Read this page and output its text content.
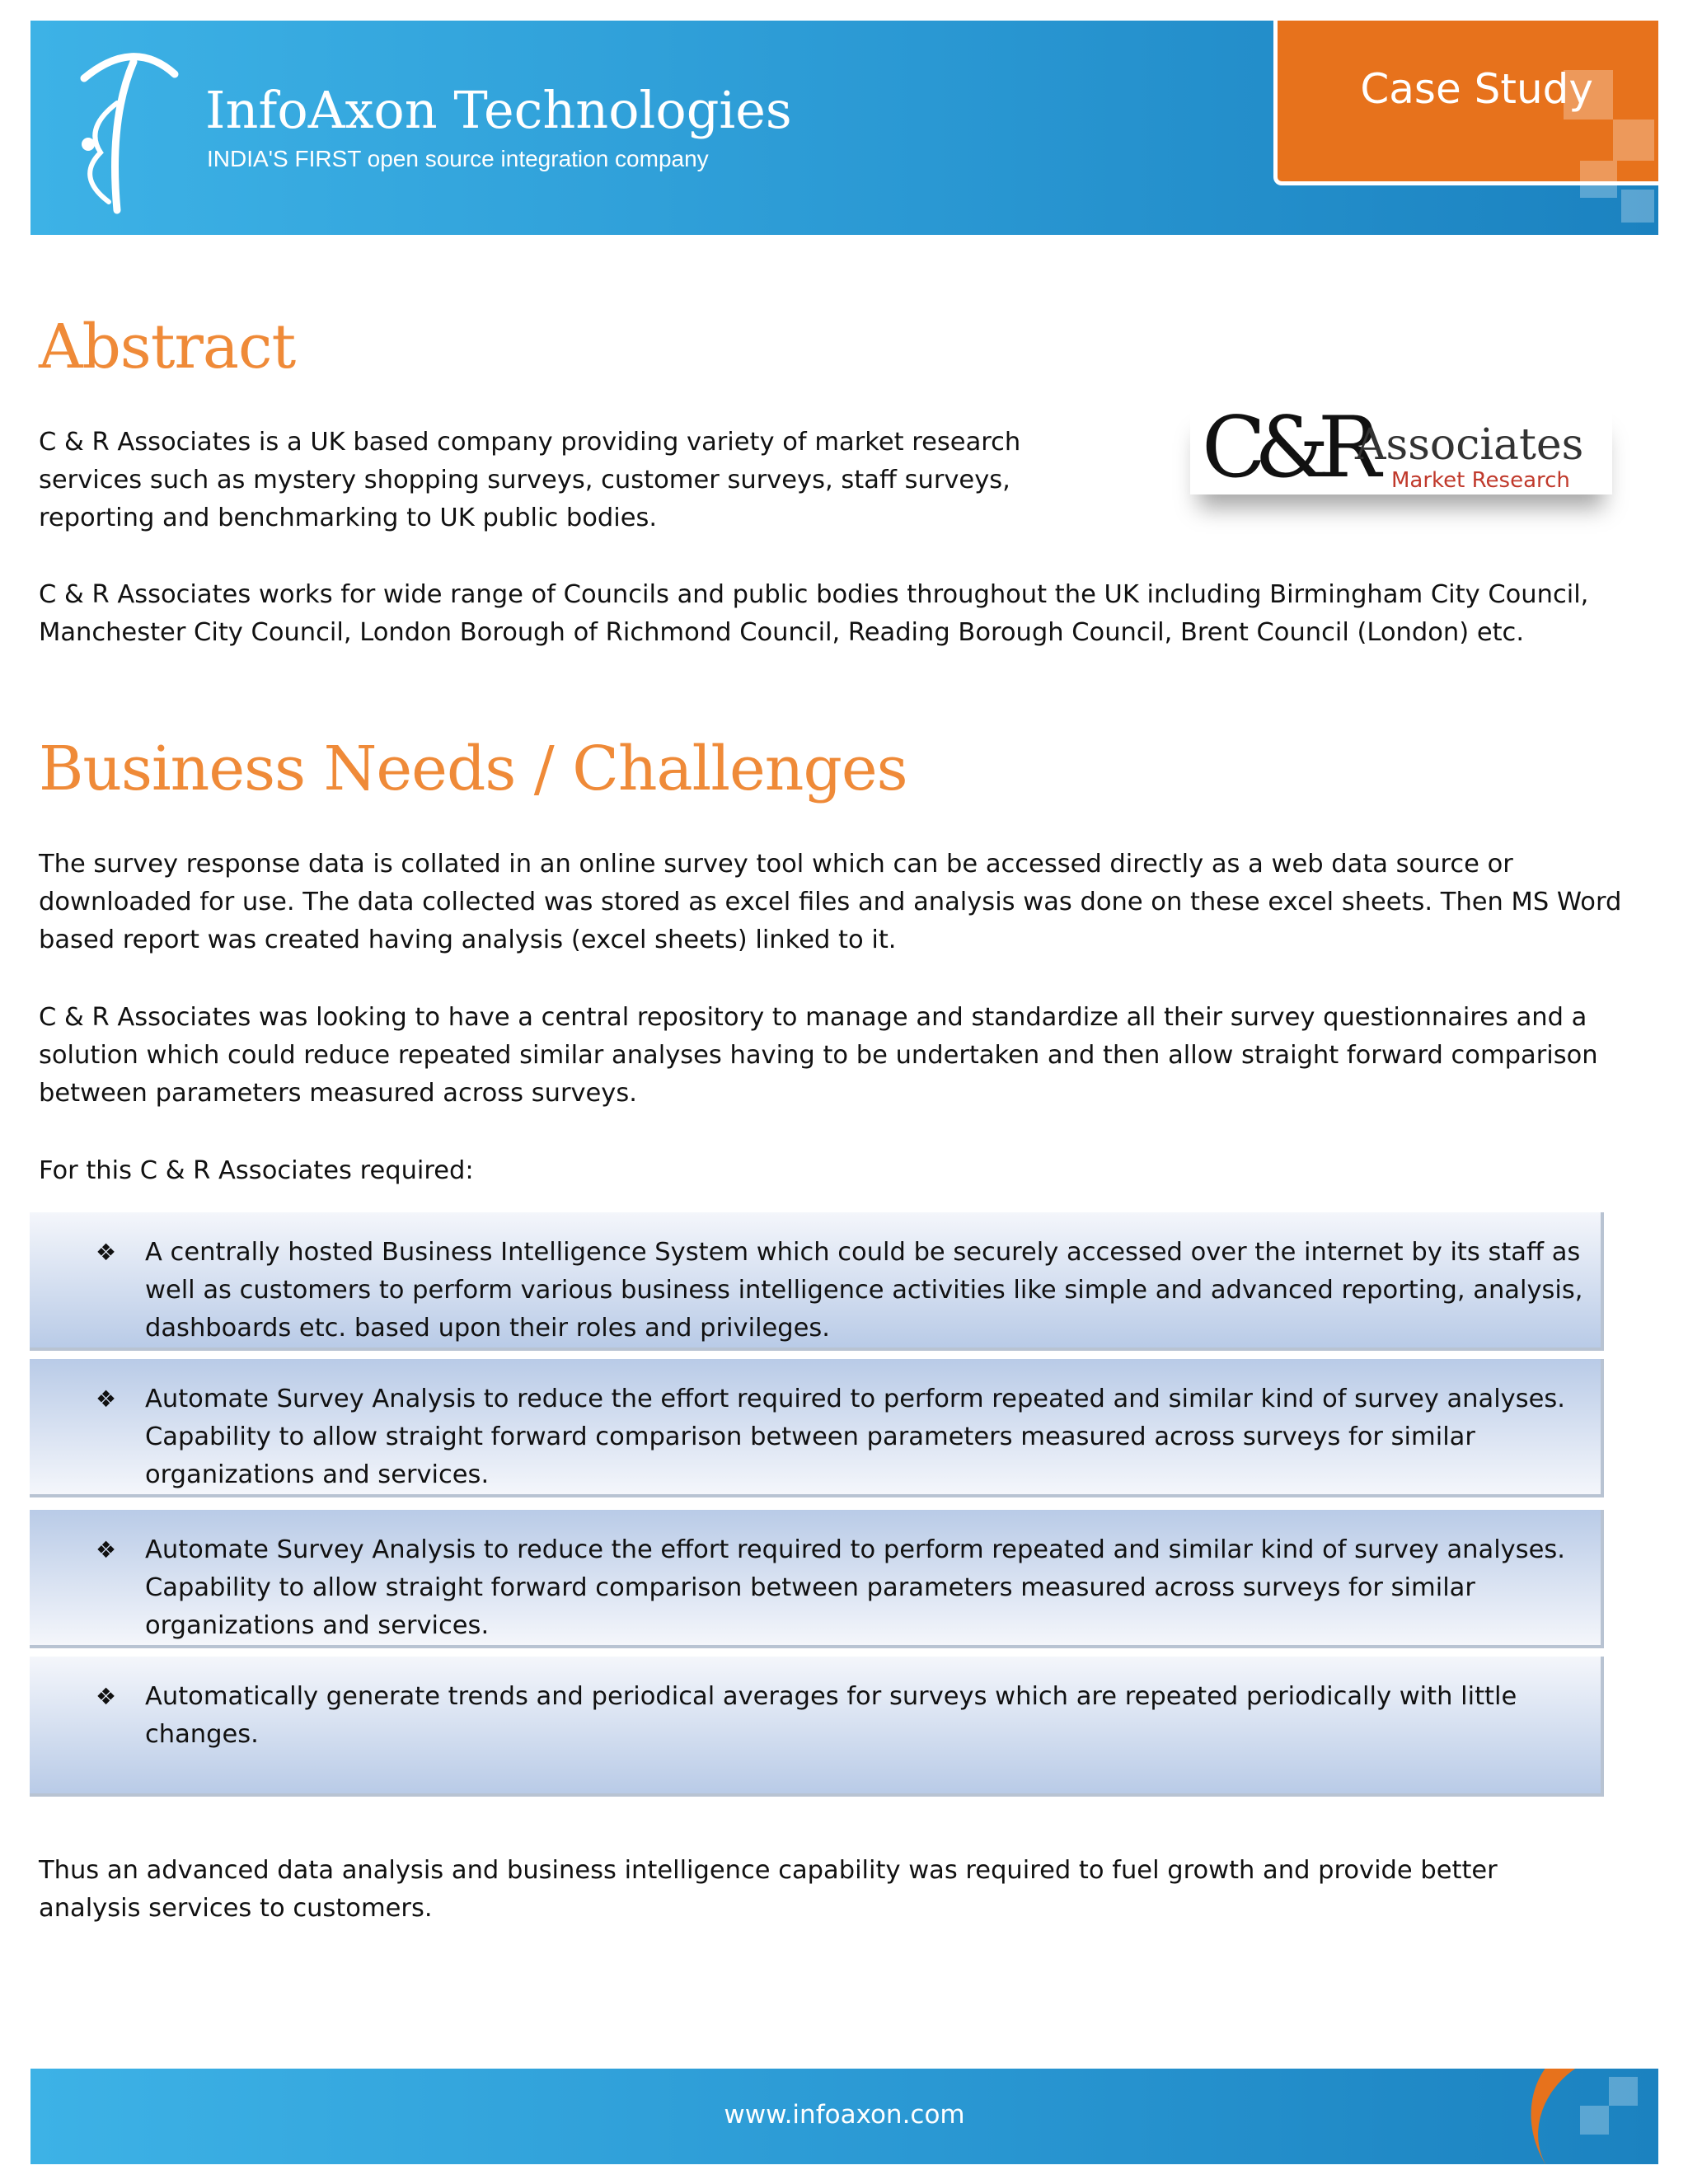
InfoAxon Technologies
INDIA'S FIRST open source integration company
Case Study
Abstract

C & R Associates is a UK based company providing variety of market research services such as mystery shopping surveys, customer surveys, staff surveys, reporting and benchmarking to UK public bodies.

C&R
Associates
Market Research

C & R Associates works for wide range of Councils and public bodies throughout the UK including Birmingham City Council, Manchester City Council, London Borough of Richmond Council, Reading Borough Council, Brent Council (London) etc.

Business Needs / Challenges

The survey response data is collated in an online survey tool which can be accessed directly as a web data source or downloaded for use. The data collected was stored as excel files and analysis was done on these excel sheets. Then MS Word based report was created having analysis (excel sheets) linked to it.

C & R Associates was looking to have a central repository to manage and standardize all their survey questionnaires and a solution which could reduce repeated similar analyses having to be undertaken and then allow straight forward comparison between parameters measured across surveys.

For this C & R Associates required:

❖ A centrally hosted Business Intelligence System which could be securely accessed over the internet by its staff as well as customers to perform various business intelligence activities like simple and advanced reporting, analysis, dashboards etc. based upon their roles and privileges.
❖ Automate Survey Analysis to reduce the effort required to perform repeated and similar kind of survey analyses. Capability to allow straight forward comparison between parameters measured across surveys for similar organizations and services.
❖ Automate Survey Analysis to reduce the effort required to perform repeated and similar kind of survey analyses. Capability to allow straight forward comparison between parameters measured across surveys for similar organizations and services.
❖ Automatically generate trends and periodical averages for surveys which are repeated periodically with little changes.

Thus an advanced data analysis and business intelligence capability was required to fuel growth and provide better analysis services to customers.

www.infoaxon.com
